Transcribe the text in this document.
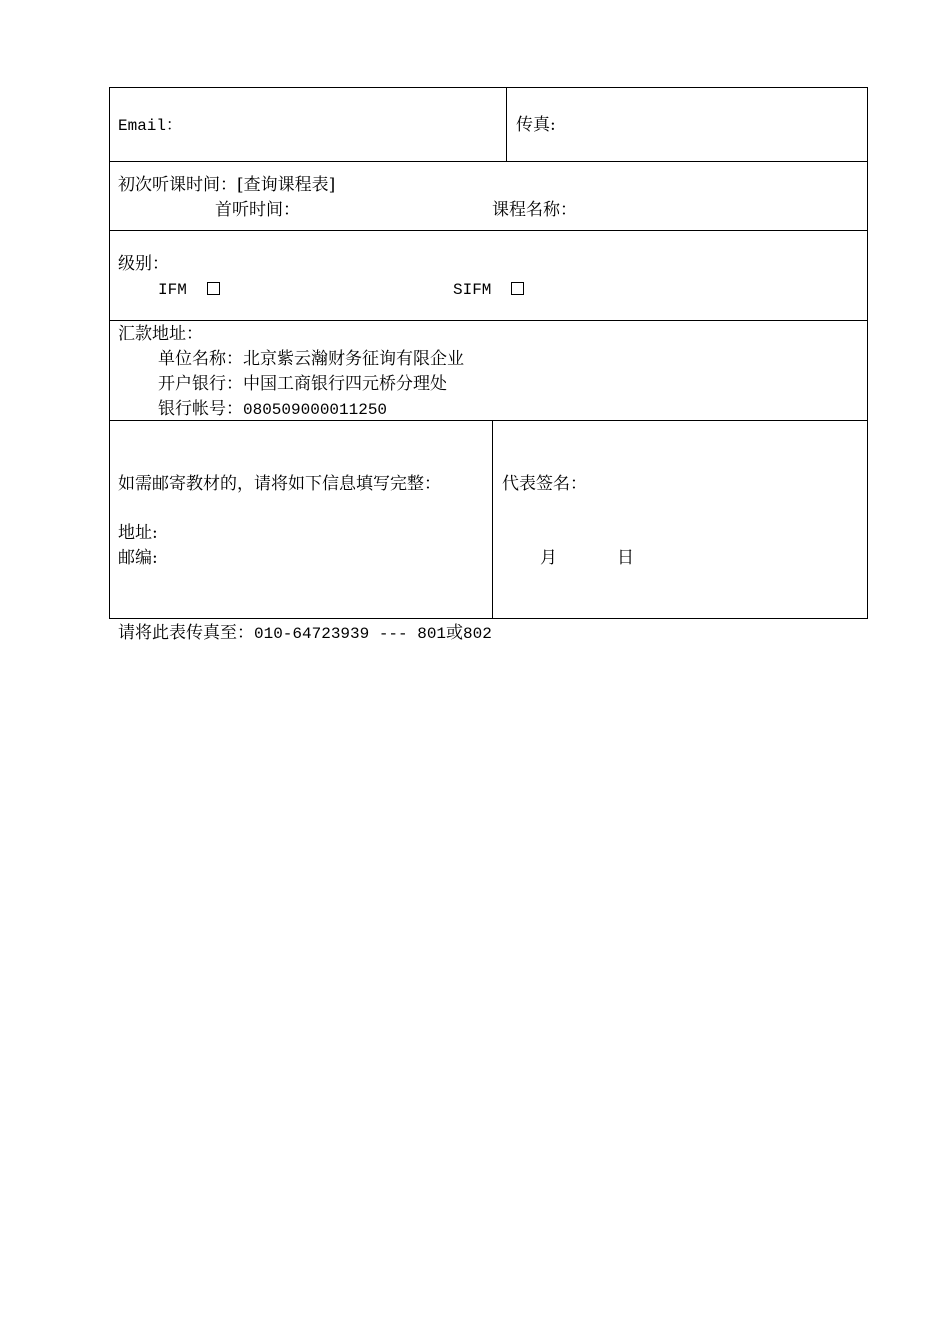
Email：	传真:
初次听课时间：[查询课程表]
首听时间：	课程名称：
级别：
IFM	SIFM
汇款地址：
单位名称：北京紫云瀚财务征询有限企业
开户银行：中国工商银行四元桥分理处
银行帐号：080509000011250
如需邮寄教材的，请将如下信息填写完整：
地址:
邮编:
代表签名：
月	日
请将此表传真至：010-64723939 --- 801或802
